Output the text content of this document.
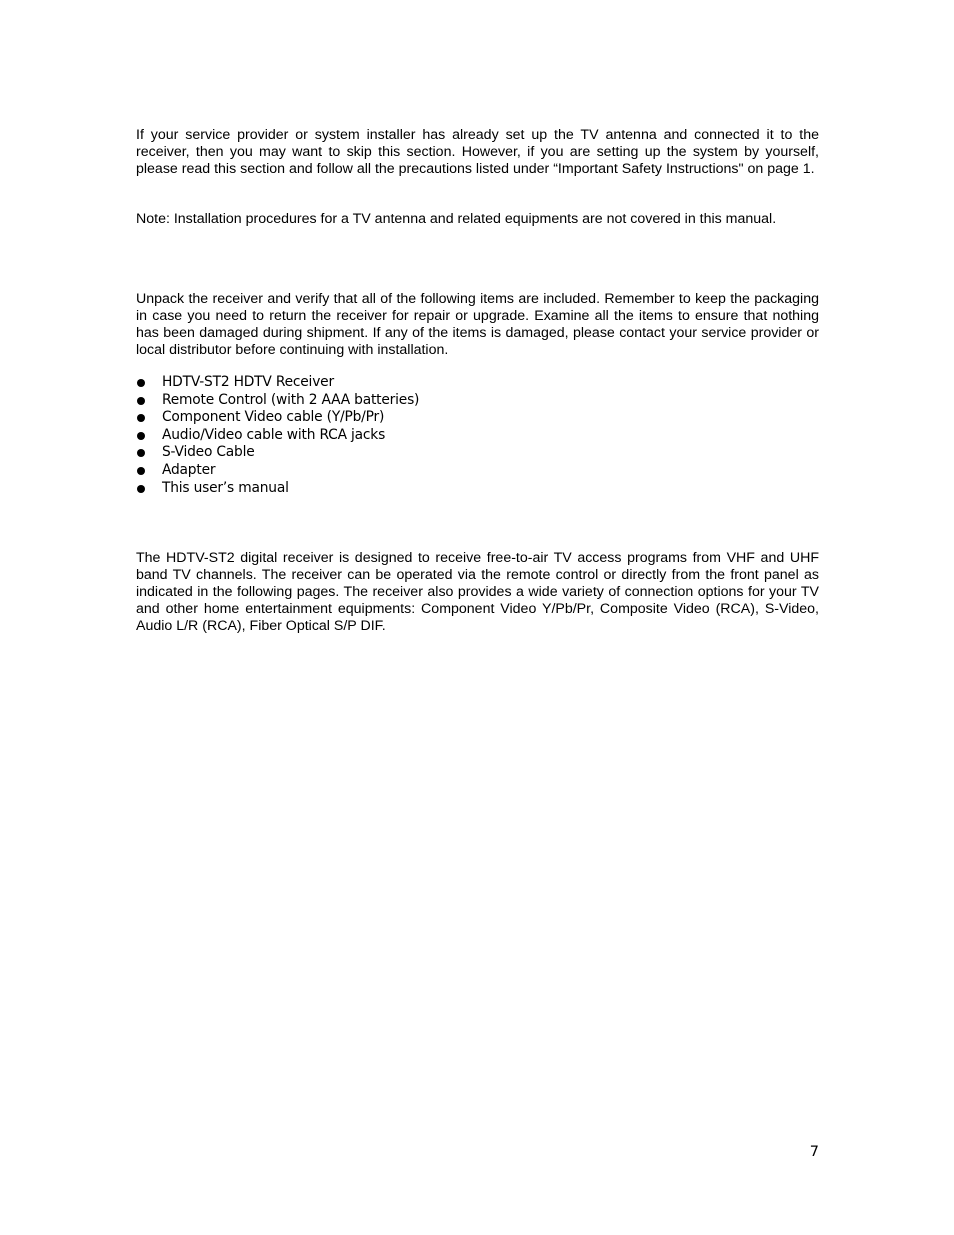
If your service provider or system installer has already set up the TV antenna and connected it to the receiver, then you may want to skip this section. However, if you are setting up the system by yourself, please read this section and follow all the precautions listed under “Important Safety Instructions" on page 1.

Note: Installation procedures for a TV antenna and related equipments are not covered in this manual.

Unpack the receiver and verify that all of the following items are included. Remember to keep the packaging in case you need to return the receiver for repair or upgrade. Examine all the items to ensure that nothing has been damaged during shipment. If any of the items is damaged, please contact your service provider or local distributor before continuing with installation.

HDTV-ST2 HDTV Receiver
Remote Control (with 2 AAA batteries)
Component Video cable (Y/Pb/Pr)
Audio/Video cable with RCA jacks
S-Video Cable
Adapter
This user’s manual

The HDTV-ST2 digital receiver is designed to receive free-to-air TV access programs from VHF and UHF band TV channels. The receiver can be operated via the remote control or directly from the front panel as indicated in the following pages. The receiver also provides a wide variety of connection options for your TV and other home entertainment equipments: Component Video Y/Pb/Pr, Composite Video (RCA), S-Video, Audio L/R (RCA), Fiber Optical S/P DIF.

7
